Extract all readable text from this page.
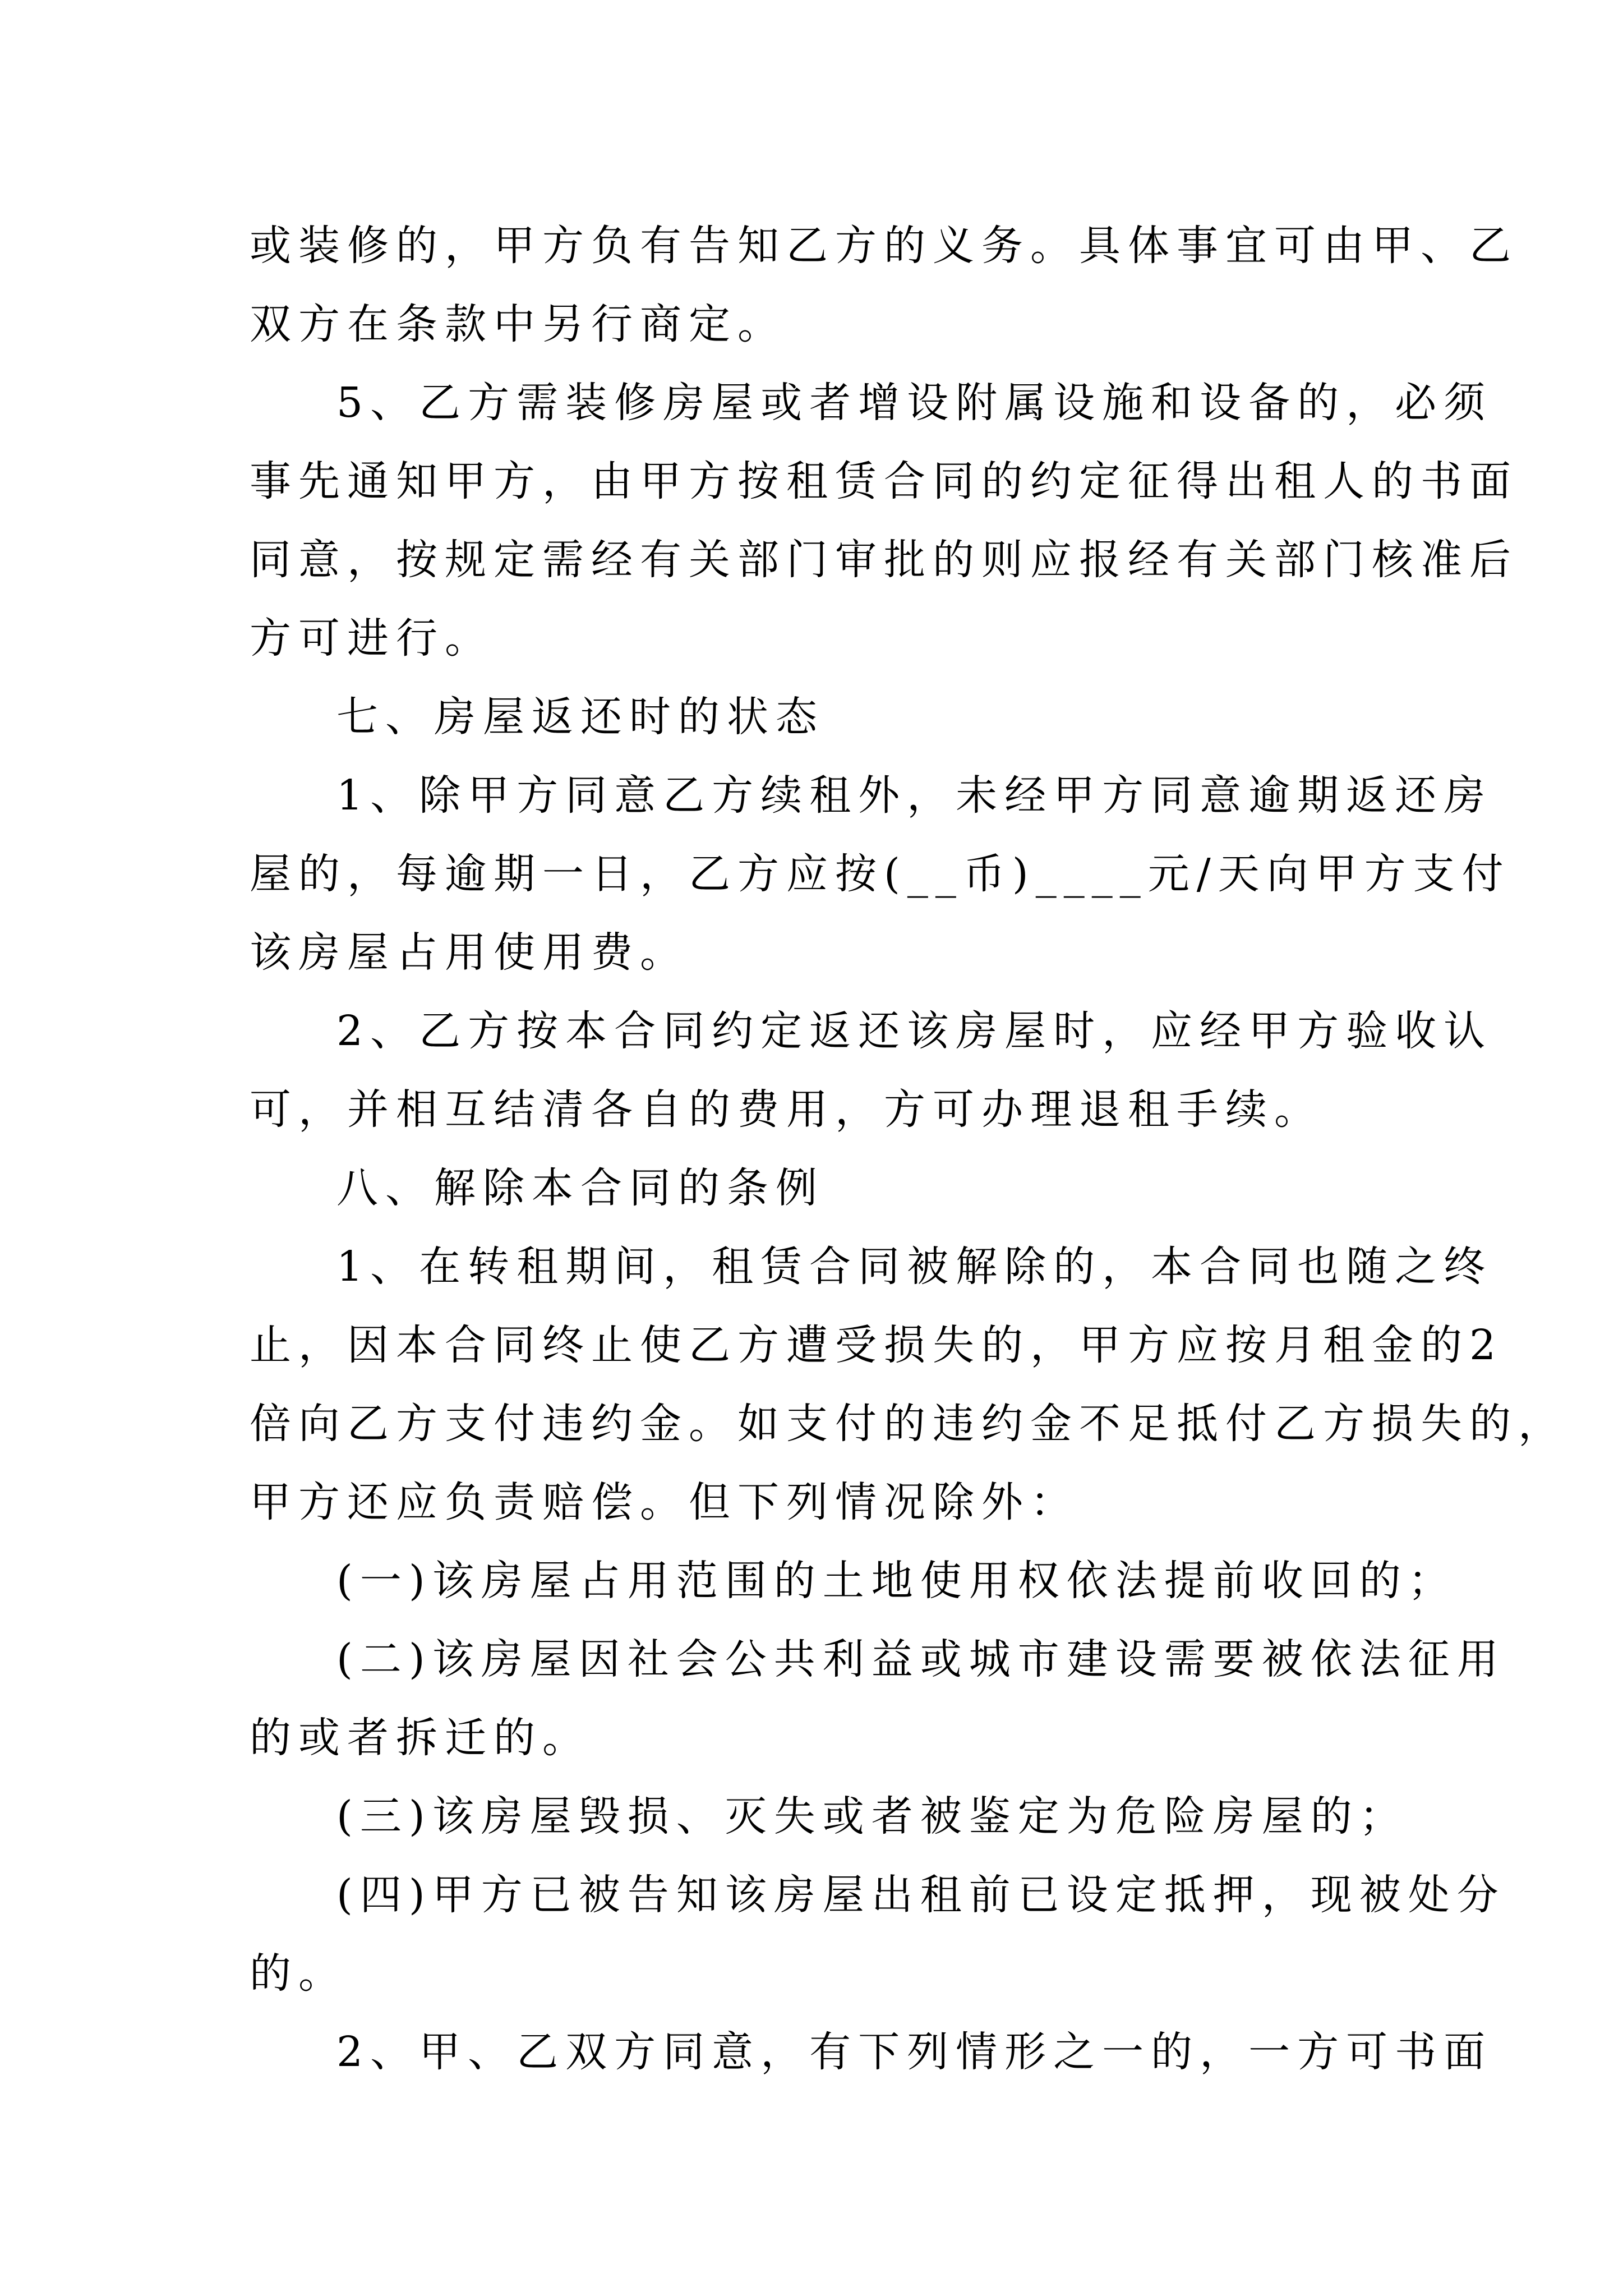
或装修的，甲方负有告知乙方的义务。具体事宜可由甲、乙
双方在条款中另行商定。
5、乙方需装修房屋或者增设附属设施和设备的，必须
事先通知甲方，由甲方按租赁合同的约定征得出租人的书面
同意，按规定需经有关部门审批的则应报经有关部门核准后
方可进行。
七、房屋返还时的状态
1、除甲方同意乙方续租外，未经甲方同意逾期返还房
屋的，每逾期一日，乙方应按(__币)____元/天向甲方支付
该房屋占用使用费。
2、乙方按本合同约定返还该房屋时，应经甲方验收认
可，并相互结清各自的费用，方可办理退租手续。
八、解除本合同的条例
1、在转租期间，租赁合同被解除的，本合同也随之终
止，因本合同终止使乙方遭受损失的，甲方应按月租金的2
倍向乙方支付违约金。如支付的违约金不足抵付乙方损失的，
甲方还应负责赔偿。但下列情况除外：
(一)该房屋占用范围的土地使用权依法提前收回的；
(二)该房屋因社会公共利益或城市建设需要被依法征用
的或者拆迁的。
(三)该房屋毁损、灭失或者被鉴定为危险房屋的；
(四)甲方已被告知该房屋出租前已设定抵押，现被处分
的。
2、甲、乙双方同意，有下列情形之一的，一方可书面
